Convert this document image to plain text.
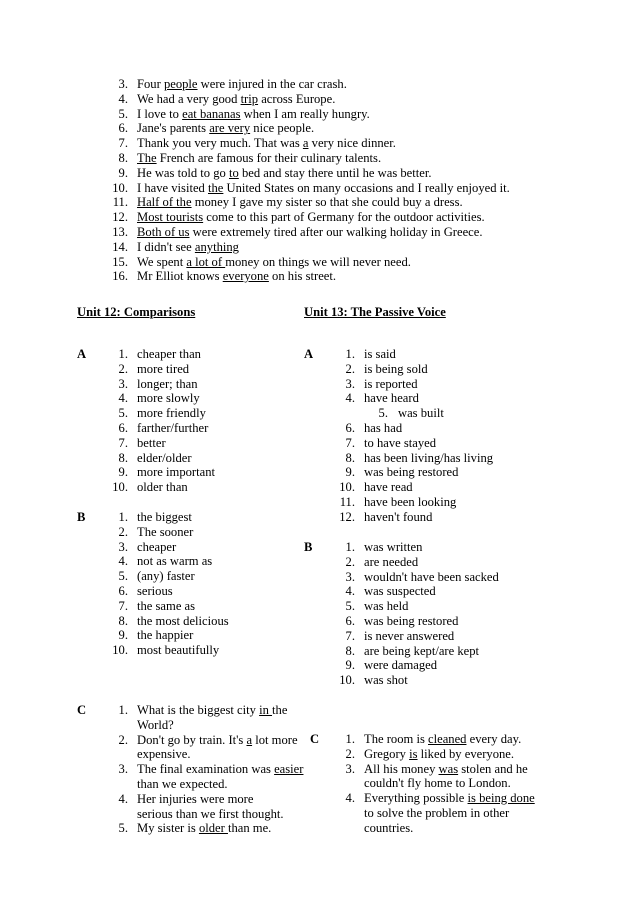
3. Four people were injured in the car crash.
4. We had a very good trip across Europe.
5. I love to eat bananas when I am really hungry.
6. Jane's parents are very nice people.
7. Thank you very much. That was a very nice dinner.
8. The French are famous for their culinary talents.
9. He was told to go to bed and stay there until he was better.
10. I have visited the United States on many occasions and I really enjoyed it.
11. Half of the money I gave my sister so that she could buy a dress.
12. Most tourists come to this part of Germany for the outdoor activities.
13. Both of us were extremely tired after our walking holiday in Greece.
14. I didn't see anything
15. We spent a lot of money on things we will never need.
16. Mr Elliot knows everyone on his street.
Unit 12: Comparisons	Unit 13: The Passive Voice
A	1. cheaper than
2. more tired
3. longer; than
4. more slowly
5. more friendly
6. farther/further
7. better
8. elder/older
9. more important
10. older than
B	1. the biggest
2. The sooner
3. cheaper
4. not as warm as
5. (any) faster
6. serious
7. the same as
8. the most delicious
9. the happier
10. most beautifully
A	1. is said
2. is being sold
3. is reported
4. have heard
5. was built
6. has had
7. to have stayed
8. has been living/has living
9. was being restored
10. have read
11. have been looking
12. haven't found
B	1. was written
2. are needed
3. wouldn't have been sacked
4. was suspected
5. was held
6. was being restored
7. is never answered
8. are being kept/are kept
9. were damaged
10. was shot
C	1. What is the biggest city in the
World?
2. Don't go by train. It's a lot more
expensive.
3. The final examination was easier
than we expected.
4. Her injuries were more
serious than we first thought.
5. My sister is older than me.
C 1. The room is cleaned every day.
2. Gregory is liked by everyone.
3. All his money was stolen and he
couldn't fly home to London.
4. Everything possible is being done
to solve the problem in other
countries.
